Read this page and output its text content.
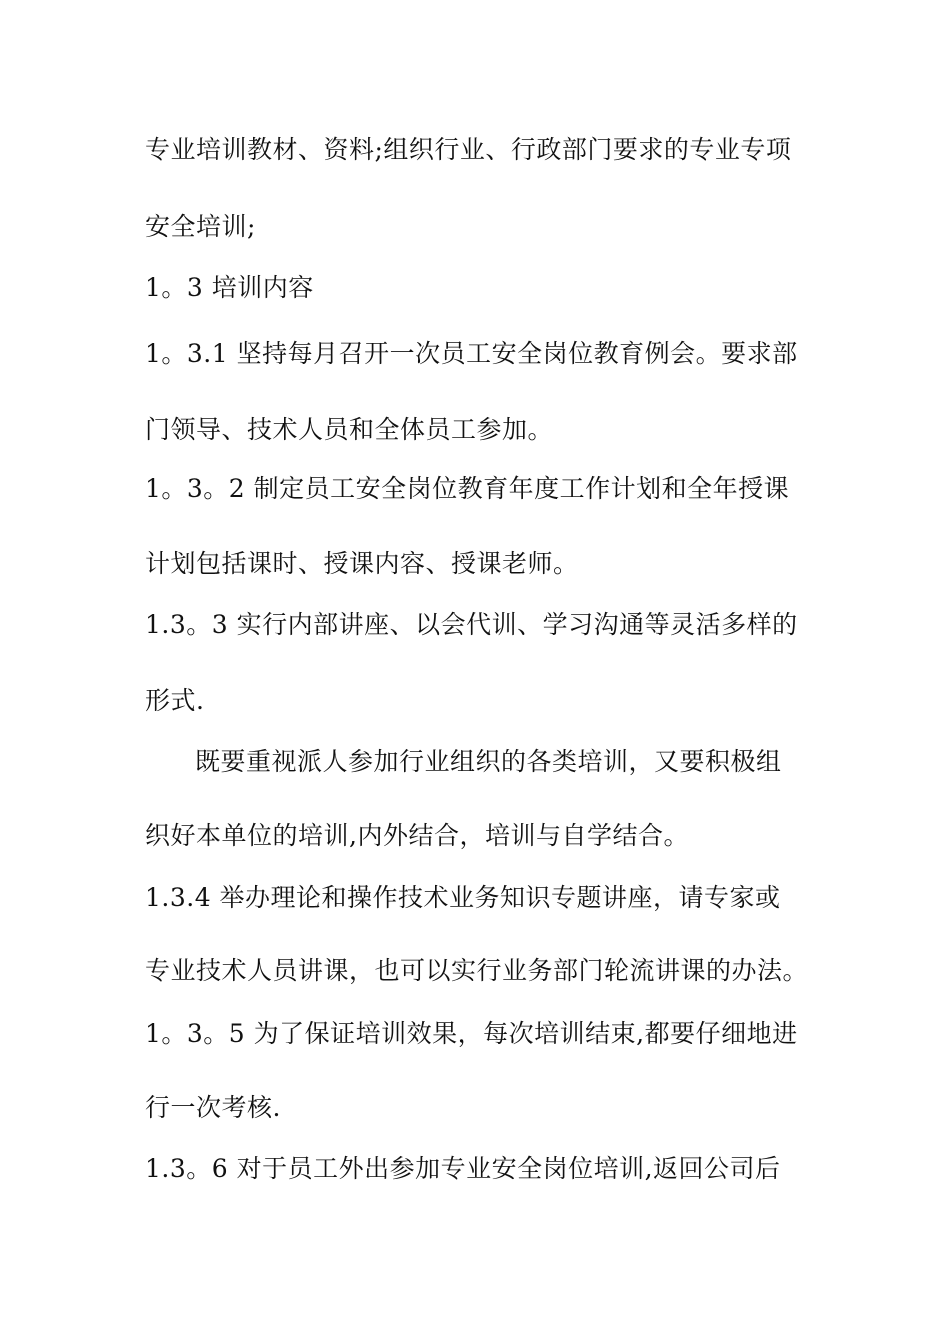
专业培训教材、资料;组织行业、行政部门要求的专业专项
安全培训;
1。3 培训内容
1。3.1 坚持每月召开一次员工安全岗位教育例会。要求部
门领导、技术人员和全体员工参加。
1。3。2 制定员工安全岗位教育年度工作计划和全年授课
计划包括课时、授课内容、授课老师。
1.3。3 实行内部讲座、以会代训、学习沟通等灵活多样的
形式.
既要重视派人参加行业组织的各类培训，又要积极组
织好本单位的培训,内外结合，培训与自学结合。
1.3.4 举办理论和操作技术业务知识专题讲座，请专家或
专业技术人员讲课，也可以实行业务部门轮流讲课的办法。
1。3。5 为了保证培训效果，每次培训结束,都要仔细地进
行一次考核.
1.3。6 对于员工外出参加专业安全岗位培训,返回公司后
